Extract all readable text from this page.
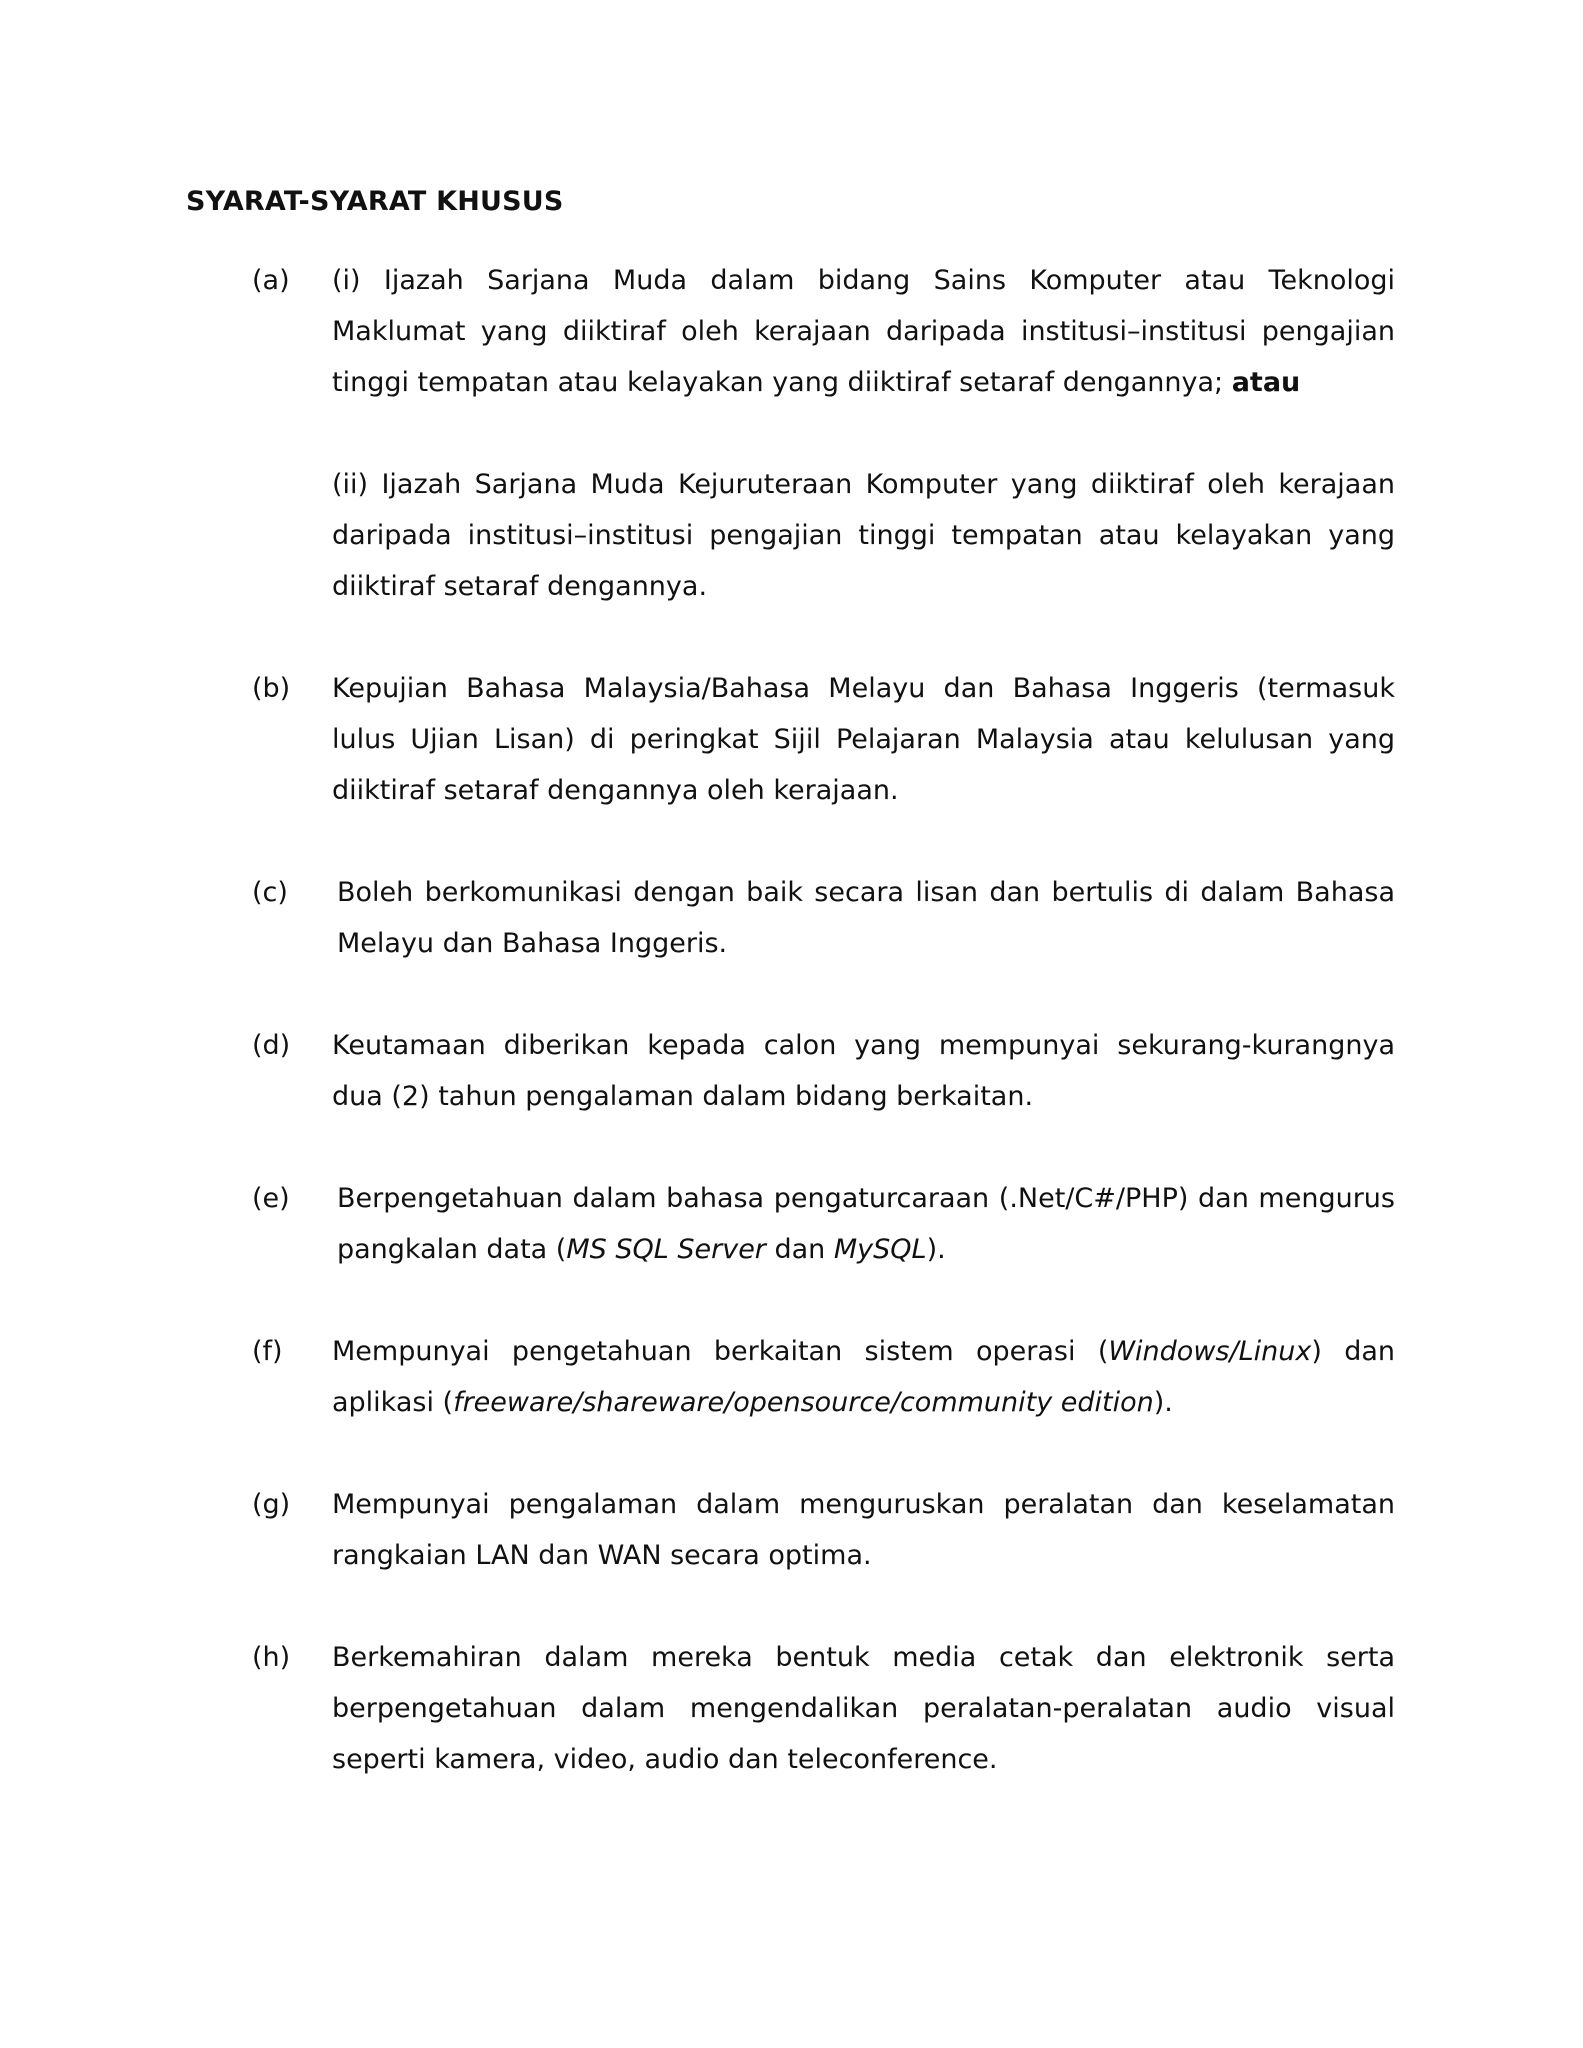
SYARAT-SYARAT KHUSUS
(a) (i) Ijazah Sarjana Muda dalam bidang Sains Komputer atau Teknologi Maklumat yang diiktiraf oleh kerajaan daripada institusi–institusi pengajian tinggi tempatan atau kelayakan yang diiktiraf setaraf dengannya; atau
(ii) Ijazah Sarjana Muda Kejuruteraan Komputer yang diiktiraf oleh kerajaan daripada institusi–institusi pengajian tinggi tempatan atau kelayakan yang diiktiraf setaraf dengannya.
(b) Kepujian Bahasa Malaysia/Bahasa Melayu dan Bahasa Inggeris (termasuk lulus Ujian Lisan) di peringkat Sijil Pelajaran Malaysia atau kelulusan yang diiktiraf setaraf dengannya oleh kerajaan.
(c) Boleh berkomunikasi dengan baik secara lisan dan bertulis di dalam Bahasa Melayu dan Bahasa Inggeris.
(d) Keutamaan diberikan kepada calon yang mempunyai sekurang-kurangnya dua (2) tahun pengalaman dalam bidang berkaitan.
(e) Berpengetahuan dalam bahasa pengaturcaraan (.Net/C#/PHP) dan mengurus pangkalan data (MS SQL Server dan MySQL).
(f) Mempunyai pengetahuan berkaitan sistem operasi (Windows/Linux) dan aplikasi (freeware/shareware/opensource/community edition).
(g) Mempunyai pengalaman dalam menguruskan peralatan dan keselamatan rangkaian LAN dan WAN secara optima.
(h) Berkemahiran dalam mereka bentuk media cetak dan elektronik serta berpengetahuan dalam mengendalikan peralatan-peralatan audio visual seperti kamera, video, audio dan teleconference.
